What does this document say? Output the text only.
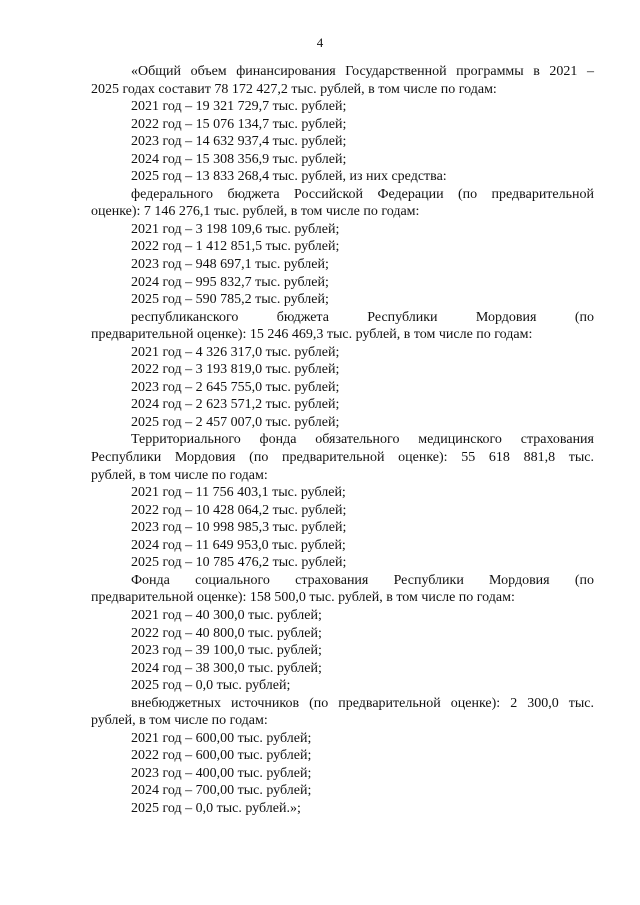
4
«Общий объем финансирования Государственной программы в 2021 –
2025 годах составит 78 172 427,2 тыс. рублей, в том числе по годам:
2021 год – 19 321 729,7 тыс. рублей;
2022 год – 15 076 134,7 тыс. рублей;
2023 год – 14 632 937,4 тыс. рублей;
2024 год – 15 308 356,9 тыс. рублей;
2025 год – 13 833 268,4 тыс. рублей, из них средства:
федерального бюджета Российской Федерации (по предварительной
оценке): 7 146 276,1 тыс. рублей, в том числе по годам:
2021 год – 3 198 109,6 тыс. рублей;
2022 год – 1 412 851,5 тыс. рублей;
2023 год – 948 697,1 тыс. рублей;
2024 год – 995 832,7 тыс. рублей;
2025 год – 590 785,2 тыс. рублей;
республиканского бюджета Республики Мордовия (по
предварительной оценке): 15 246 469,3 тыс. рублей, в том числе по годам:
2021 год – 4 326 317,0 тыс. рублей;
2022 год – 3 193 819,0 тыс. рублей;
2023 год – 2 645 755,0 тыс. рублей;
2024 год – 2 623 571,2 тыс. рублей;
2025 год – 2 457 007,0 тыс. рублей;
Территориального фонда обязательного медицинского страхования
Республики Мордовия (по предварительной оценке): 55 618 881,8 тыс.
рублей, в том числе по годам:
2021 год – 11 756 403,1 тыс. рублей;
2022 год – 10 428 064,2 тыс. рублей;
2023 год – 10 998 985,3 тыс. рублей;
2024 год – 11 649 953,0 тыс. рублей;
2025 год – 10 785 476,2 тыс. рублей;
Фонда социального страхования Республики Мордовия (по
предварительной оценке): 158 500,0 тыс. рублей, в том числе по годам:
2021 год – 40 300,0 тыс. рублей;
2022 год – 40 800,0 тыс. рублей;
2023 год – 39 100,0 тыс. рублей;
2024 год – 38 300,0 тыс. рублей;
2025 год – 0,0 тыс. рублей;
внебюджетных источников (по предварительной оценке): 2 300,0 тыс.
рублей, в том числе по годам:
2021 год – 600,00 тыс. рублей;
2022 год – 600,00 тыс. рублей;
2023 год – 400,00 тыс. рублей;
2024 год – 700,00 тыс. рублей;
2025 год – 0,0 тыс. рублей.»;
